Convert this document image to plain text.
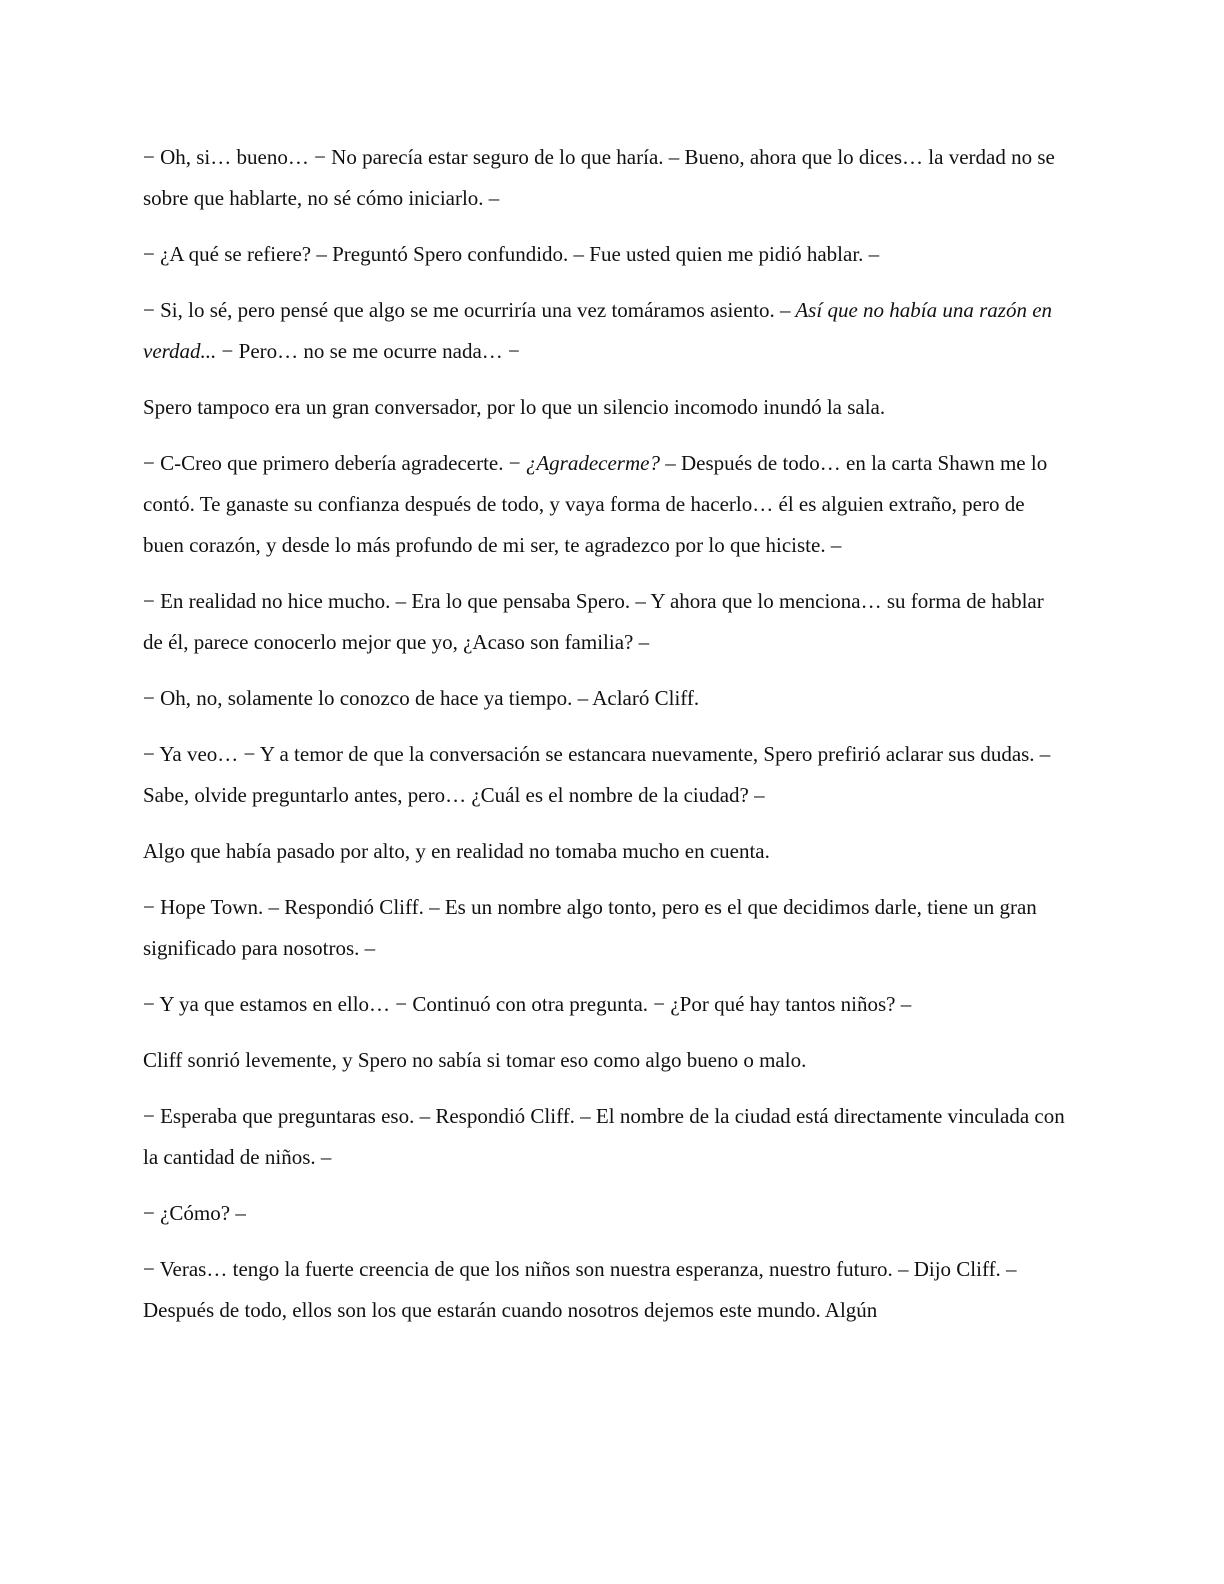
− Oh, si… bueno… − No parecía estar seguro de lo que haría. – Bueno, ahora que lo dices… la verdad no se sobre que hablarte, no sé cómo iniciarlo. –

− ¿A qué se refiere? – Preguntó Spero confundido. – Fue usted quien me pidió hablar. –

− Si, lo sé, pero pensé que algo se me ocurriría una vez tomáramos asiento. – Así que no había una razón en verdad... − Pero… no se me ocurre nada… −

Spero tampoco era un gran conversador, por lo que un silencio incomodo inundó la sala.

− C-Creo que primero debería agradecerte. − ¿Agradecerme? – Después de todo… en la carta Shawn me lo contó. Te ganaste su confianza después de todo, y vaya forma de hacerlo… él es alguien extraño, pero de buen corazón, y desde lo más profundo de mi ser, te agradezco por lo que hiciste. –

− En realidad no hice mucho. – Era lo que pensaba Spero. – Y ahora que lo menciona… su forma de hablar de él, parece conocerlo mejor que yo, ¿Acaso son familia? –

− Oh, no, solamente lo conozco de hace ya tiempo. – Aclaró Cliff.

− Ya veo… − Y a temor de que la conversación se estancara nuevamente, Spero prefirió aclarar sus dudas. – Sabe, olvide preguntarlo antes, pero… ¿Cuál es el nombre de la ciudad? –

Algo que había pasado por alto, y en realidad no tomaba mucho en cuenta.

− Hope Town. – Respondió Cliff. – Es un nombre algo tonto, pero es el que decidimos darle, tiene un gran significado para nosotros. –

− Y ya que estamos en ello… − Continuó con otra pregunta. − ¿Por qué hay tantos niños? –

Cliff sonrió levemente, y Spero no sabía si tomar eso como algo bueno o malo.

− Esperaba que preguntaras eso. – Respondió Cliff. – El nombre de la ciudad está directamente vinculada con la cantidad de niños. –

− ¿Cómo? –

− Veras… tengo la fuerte creencia de que los niños son nuestra esperanza, nuestro futuro. – Dijo Cliff. – Después de todo, ellos son los que estarán cuando nosotros dejemos este mundo. Algún
